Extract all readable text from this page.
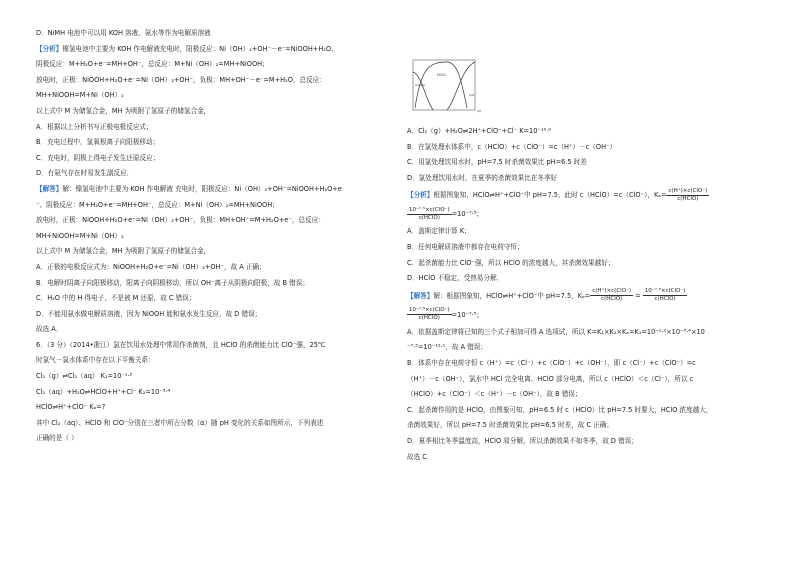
D．NiMH 电池中可以用 KOH 溶液、氨水等作为电解质溶液
【分析】镍氢电池中主要为 KOH 作电解液充电时，阳极反应：Ni（OH）₂+OH⁻－e⁻=NiOOH+H₂O、
阴极反应：M+H₂O+e⁻=MH+OH⁻，总反应：M+Ni（OH）₂=MH+NiOOH；
放电时，正极：NiOOH+H₂O+e⁻=Ni（OH）₂+OH⁻，负极：MH+OH⁻－e⁻=M+H₂O，总反应：
MH+NiOOH=M+Ni（OH）₂
以上式中 M 为储氢合金，MH 为吸附了氢原子的储氢合金，
A．根据以上分析书写正极电极反应式；
B．充电过程中，氢氧根离子向阳极移动；
C．充电时，阴极上得电子发生还原反应；
D．有氨气存在时易发生副反应．
【解答】解：镍氢电池中主要为 KOH 作电解液 充电时，阳极反应：Ni（OH）₂+OH⁻=NiOOH+H₂O+e
⁻、阴极反应：M+H₂O+e⁻=MH+OH⁻，总反应：M+Ni（OH）₂=MH+NiOOH；
放电时，正极：NiOOH+H₂O+e⁻=Ni（OH）₂+OH⁻，负极：MH+OH⁻=M+H₂O+e⁻，总反应：
MH+NiOOH=M+Ni（OH）₂
以上式中 M 为储氢合金，MH 为吸附了氢原子的储氢合金，
A．正极的电极反应式为：NiOOH+H₂O+e⁻=Ni（OH）₂+OH⁻，故 A 正确；
B．电解时阴离子向阳极移动，阳离子向阴极移动，所以 OH⁻离子从阴极向阳极，故 B 错误；
C．H₂O 中的 H 得电子，不是被 M 还原，故 C 错误；
D．不能用氨水做电解质溶液，因为 NiOOH 能和氨水发生反应，故 D 错误；
故选 A．
6．（3 分）（2014•浙江）氯在饮用水处理中常用作杀菌剂，且 HClO 的杀菌能力比 ClO⁻强，25℃
时氯气－氯水体系中存在以下平衡关系：
Cl₂（g）⇌Cl₂（aq） K₁=10⁻¹·²
Cl₂（aq）+H₂O⇌HClO+H⁺+Cl⁻ K₂=10⁻³·⁴
HClO⇌H⁺+ClO⁻ Kₐ=?
其中 Cl₂（aq）、HClO 和 ClO⁻分别在三者中所占分数（α）随 pH 变化的关系如图所示，下列表述
正确的是（ ）
HClO
Cl₂(aq)
ClO⁻
pH
A．Cl₂（g）+H₂O⇌2H⁺+ClO⁻+Cl⁻ K=10⁻¹⁰·⁹
B．在氯处理水体系中，c（HClO）+c（ClO⁻）=c（H⁺）－c（OH⁻）
C．用氯处理饮用水时，pH=7.5 时杀菌效果比 pH=6.5 时差
D．氯处理饮用水时，在夏季的杀菌效果比在冬季好
【分析】根据图象知，HClO⇌H⁺+ClO⁻中 pH=7.5，此时 c（HClO）=c（ClO⁻），$K_a= \frac{\text{c(H⁺)×c(ClO⁻)}}{\text{c(HClO)}}$
$\frac{\text{10⁻⁷·⁵×c(ClO⁻)}}{\text{c(HClO)}} =10^{-7}\cdot^5$；
A．盖斯定律计算 K；
B．任何电解质溶液中都存在电荷守恒；
C．起杀菌能力比 ClO⁻强，所以 HClO 的浓度越大，其杀菌效果越好；
D．HClO 不稳定，受热易分解．
【解答】解：根据图象知，HClO⇌H⁺+ClO⁻中 pH=7.5，$K_a= \frac{\text{c(H⁺)×c(ClO⁻)}}{\text{c(HClO)}} = \frac{\text{10⁻⁷·⁵×c(ClO⁻)}}{\text{c(HClO)}}$
$\frac{\text{10⁻⁷·⁵×c(ClO⁻)}}{\text{c(HClO)}} =10^{-7}\cdot^5$；
A．依据盖斯定律将已知的三个式子相加可得 A 选项试，所以 K=K₁×K₂×Kₐ=K₁=10⁻¹·²×10⁻³·⁴×10
⁻⁷·⁵=10⁻¹²·¹，故 A 错误；
B．体系中存在电荷守恒 c（H⁺）=c（Cl⁻）+c（ClO⁻）+c（OH⁻），即 c（Cl⁻）+c（ClO⁻）=c
（H⁺）－c（OH⁻），氯水中 HCl 完全电离、HClO 部分电离，所以 c（HClO）＜c（Cl⁻），所以 c
（HClO）+c（ClO⁻）＜c（H⁺）－c（OH⁻），故 B 错误；
C．起杀菌作用的是 HClO，由图象可知，pH=6.5 时 c（HClO）比 pH=7.5 时要大，HClO 浓度越大，
杀菌效果好，所以 pH=7.5 时杀菌效果比 pH=6.5 时差，故 C 正确；
D．夏季相比冬季温度高，HClO 易分解，所以杀菌效果不如冬季，故 D 错误；
故选 C．
